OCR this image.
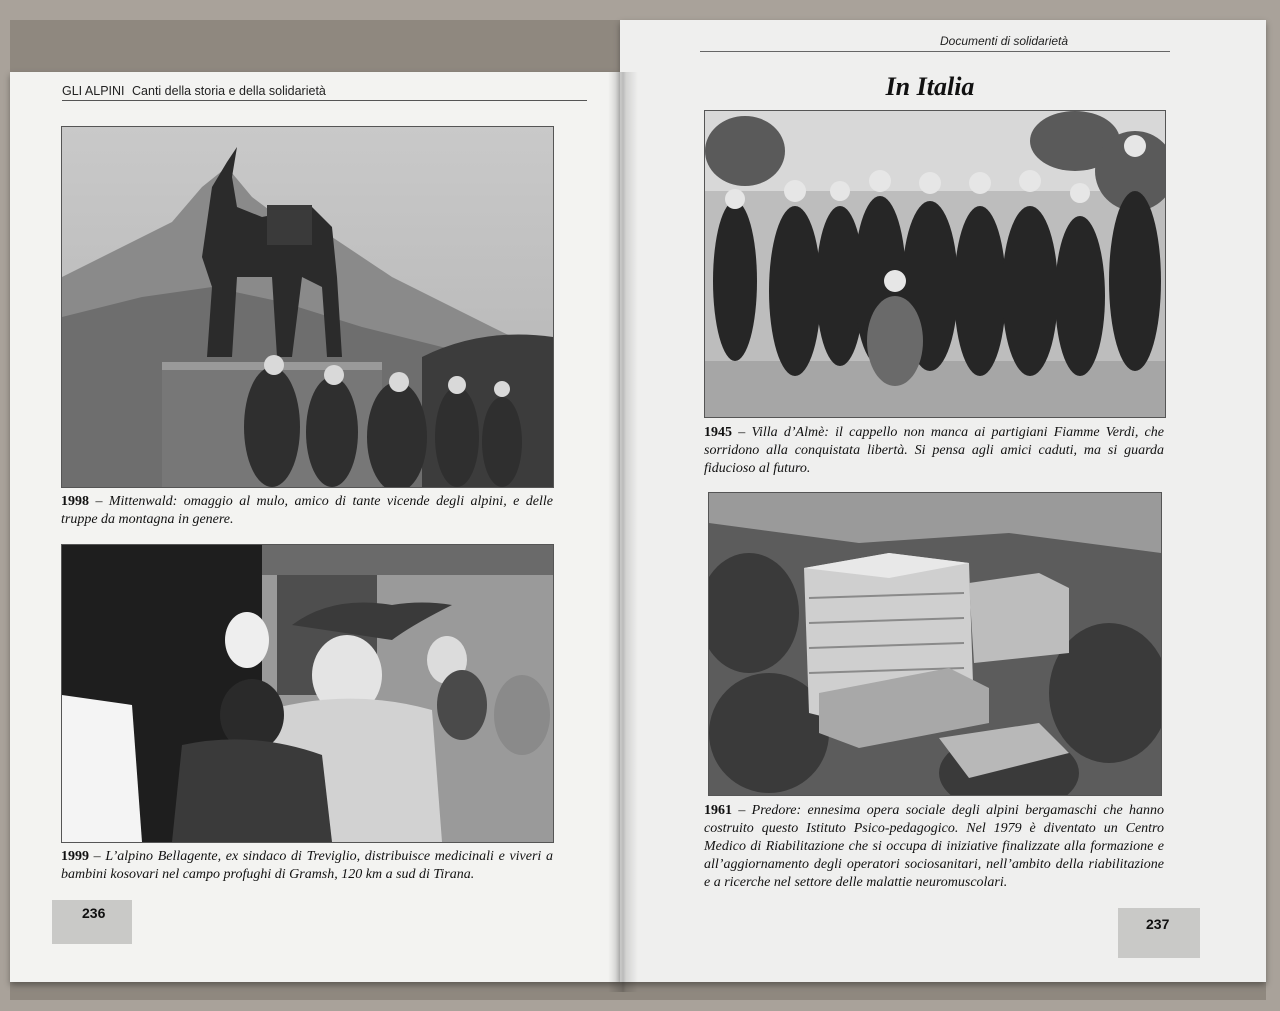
GLI ALPINI Canti della storia e della solidarietà
1998 – Mittenwald: omaggio al mulo, amico di tante vicende degli alpini, e delle truppe da montagna in genere.
1999 – L’alpino Bellagente, ex sindaco di Treviglio, distribuisce medicinali e viveri a bambini kosovari nel campo profughi di Gramsh, 120 km a sud di Tirana.
236
Documenti di solidarietà
In Italia
1945 – Villa d’Almè: il cappello non manca ai partigiani Fiamme Verdi, che sorridono alla conquistata libertà. Si pensa agli amici caduti, ma si guarda fiducioso al futuro.
1961 – Predore: ennesima opera sociale degli alpini bergamaschi che hanno costruito questo Istituto Psico-pedagogico. Nel 1979 è diventato un Centro Medico di Riabilitazione che si occupa di iniziative finalizzate alla formazione e all’aggiornamento degli operatori sociosanitari, nell’ambito della riabilitazione e a ricerche nel settore delle malattie neuromuscolari.
237
